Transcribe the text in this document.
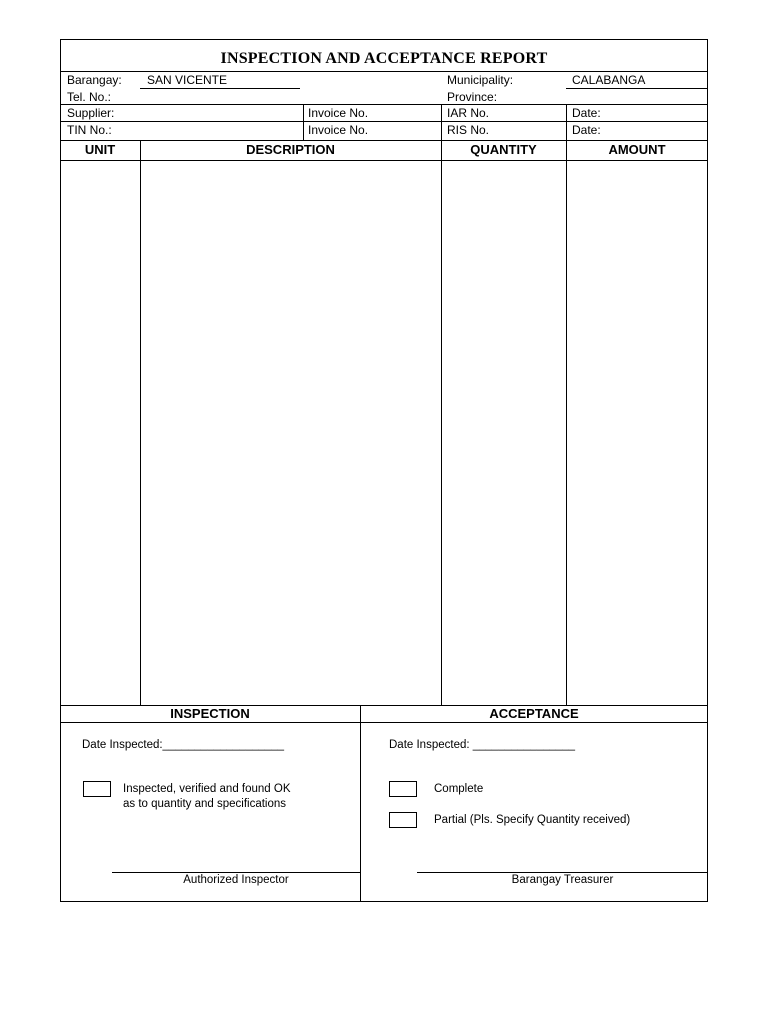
INSPECTION AND ACCEPTANCE REPORT
Barangay: SAN VICENTE	Municipality:	CALABANGA
Tel. No.:	Province:
Supplier:	Invoice No.	IAR No.	Date:
TIN No.:	Invoice No.	RIS No.	Date:
UNIT	DESCRIPTION	QUANTITY	AMOUNT
INSPECTION
Date Inspected:___________________
Inspected, verified and found OK
as to quantity and specifications
Authorized Inspector
ACCEPTANCE
Date Inspected: ________________
Complete
Partial (Pls. Specify Quantity received)
Barangay Treasurer
